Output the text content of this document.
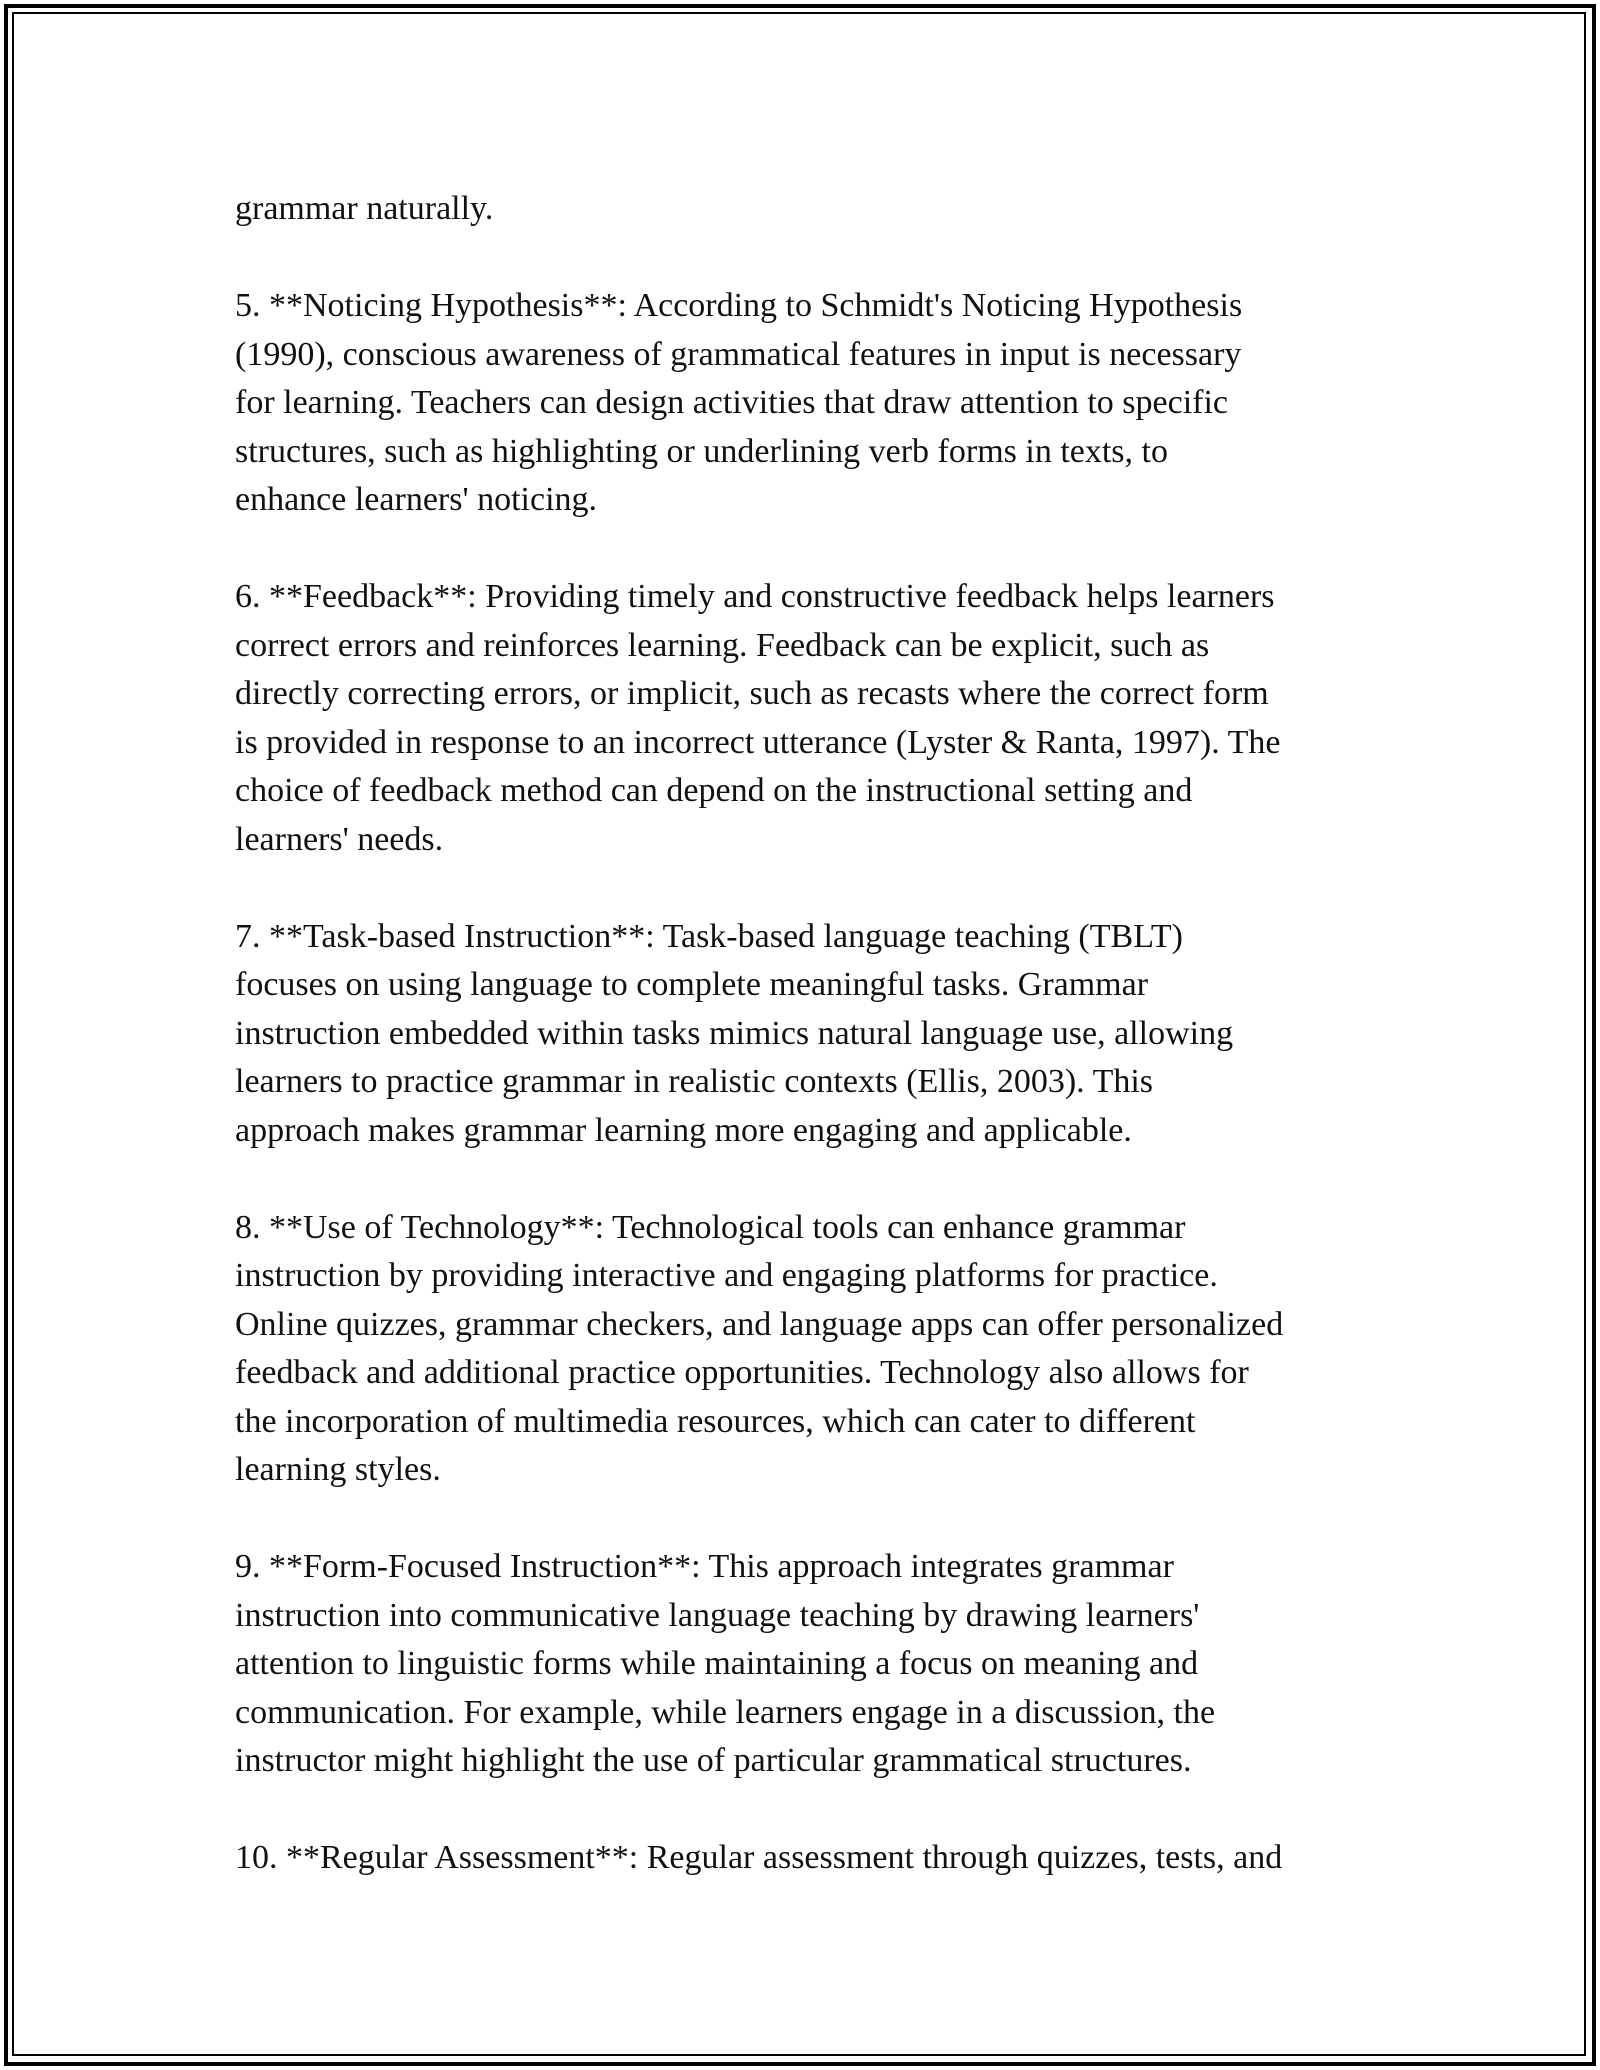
grammar naturally.
5. **Noticing Hypothesis**: According to Schmidt's Noticing Hypothesis
(1990), conscious awareness of grammatical features in input is necessary
for learning. Teachers can design activities that draw attention to specific
structures, such as highlighting or underlining verb forms in texts, to
enhance learners' noticing.
6. **Feedback**: Providing timely and constructive feedback helps learners
correct errors and reinforces learning. Feedback can be explicit, such as
directly correcting errors, or implicit, such as recasts where the correct form
is provided in response to an incorrect utterance (Lyster & Ranta, 1997). The
choice of feedback method can depend on the instructional setting and
learners' needs.
7. **Task-based Instruction**: Task-based language teaching (TBLT)
focuses on using language to complete meaningful tasks. Grammar
instruction embedded within tasks mimics natural language use, allowing
learners to practice grammar in realistic contexts (Ellis, 2003). This
approach makes grammar learning more engaging and applicable.
8. **Use of Technology**: Technological tools can enhance grammar
instruction by providing interactive and engaging platforms for practice.
Online quizzes, grammar checkers, and language apps can offer personalized
feedback and additional practice opportunities. Technology also allows for
the incorporation of multimedia resources, which can cater to different
learning styles.
9. **Form-Focused Instruction**: This approach integrates grammar
instruction into communicative language teaching by drawing learners'
attention to linguistic forms while maintaining a focus on meaning and
communication. For example, while learners engage in a discussion, the
instructor might highlight the use of particular grammatical structures.
10. **Regular Assessment**: Regular assessment through quizzes, tests, and
